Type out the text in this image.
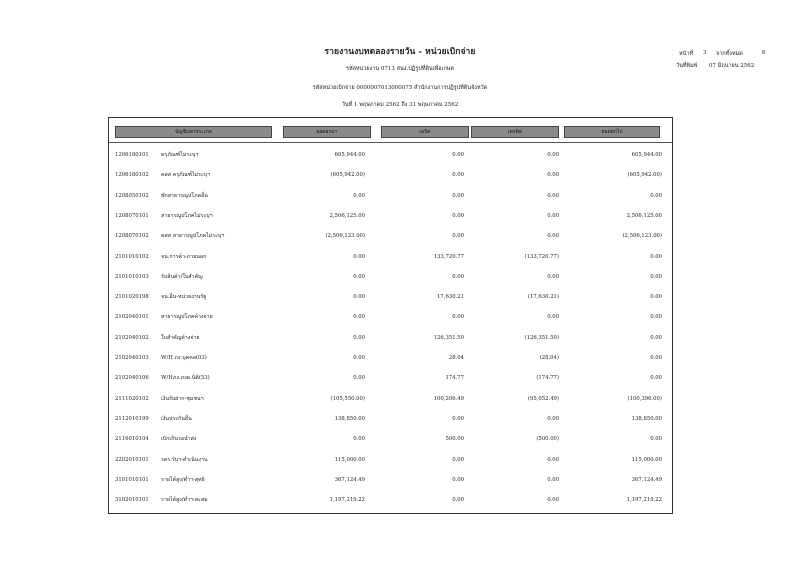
รายงานงบทดลองรายวัน - หน่วยเบิกจ่าย
รหัสหน่วยงาน 0713 สนง.ปฏิรูปที่ดินเพื่อเกษต
รหัสหน่วยเบิกจ่าย 0000007013000075 สำนักงานการปฏิรูปที่ดินจังหวัด
วันที่ 1 พฤษภาคม 2562 ถึง 31 พฤษภาคม 2562
หน้าที่ 3 จากทั้งหมด	6
วันที่พิมพ์ 07 มิถุนายน 2562
บัญชีแยกประเภท	ยอดยกมา	เดบิต	เครดิต	ยอดยกไป
1206180101 ครุภัณฑ์ไม่ระบุฯ	605,944.00	0.00	0.00	605,944.00
1206180102 คสส ครุภัณฑ์ไม่ระบุฯ	(605,942.00)	0.00	0.00	(605,942.00)
1208050102 พักสาธารณูปโภคอื่น	0.00	0.00	0.00	0.00
1208070101 สาธารณูปโภคไม่ระบุฯ	2,506,125.00	0.00	0.00	2,506,125.00
1208070102 คสส สาธารณูปโภคไม่ระบุฯ	(2,506,123.00)	0.00	0.00	(2,506,123.00)
2101010102 จน.การค้า-ภายนอก	0.00	133,720.77	(133,720.77)	0.00
2101010103 รับสินค้า/ใบสำคัญ	0.00	0.00	0.00	0.00
2101020198 จน.อื่น-หน่วยงานรัฐ	0.00	17,630.21	(17,630.21)	0.00
2102040101 สาธารณูปโภคค้างจ่าย	0.00	0.00	0.00	0.00
2102040102 ใบสำคัญค้างจ่าย	0.00	126,351.50	(126,351.50)	0.00
2102040103 W/H ภง.บุคคล(03)	0.00	28.04	(28.04)	0.00
2102040106 W/Hภง.ภงด.นิติ(53)	0.00	174.77	(174.77)	0.00
2111020102 เงินรับฝาก-ชุมชนฯ	(105,550.00)	100,206.49	(95,052.49)	(100,396.00)
2112010199 เงินประกันอื่น	138,850.00	0.00	0.00	138,850.00
2116010104 เบิกเกินรอนำส่ง	0.00	500.00	(500.00)	0.00
2202010101 รคร.รับฯ-ดำเนินงาน	115,000.00	0.00	0.00	115,000.00
3101010101 รายได้สูง/ต่ำฯ-สุทธิ	367,124.49	0.00	0.00	367,124.49
3102010101 รายได้สูง/ต่ำฯ-สะสม	1,197,219.22	0.00	0.00	1,197,219.22
